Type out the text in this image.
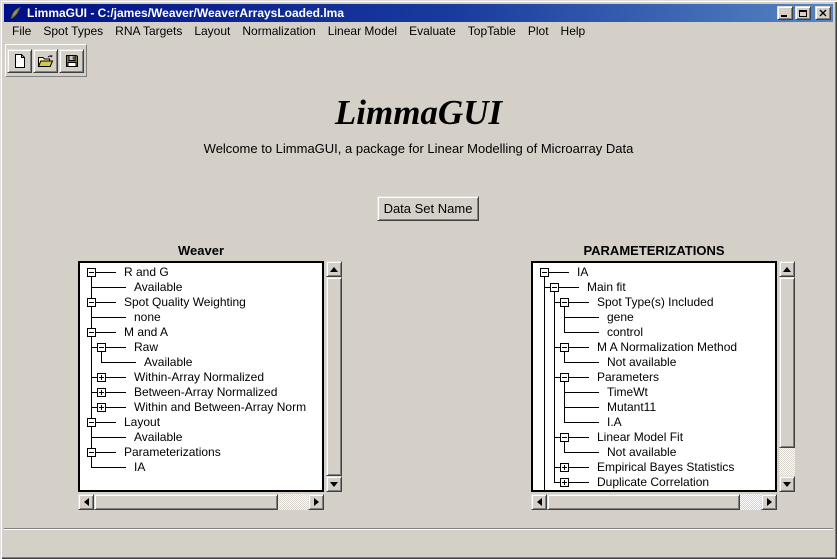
LimmaGUI - C:/james/Weaver/WeaverArraysLoaded.lma
File	Spot Types	RNA Targets	Layout	Normalization	Linear Model	Evaluate	TopTable	Plot	Help
LimmaGUI
Welcome to LimmaGUI, a package for Linear Modelling of Microarray Data
Data Set Name
Weaver	PARAMETERIZATIONS
R and G
Available
Spot Quality Weighting
none
M and A
Raw
Available
Within-Array Normalized
Between-Array Normalized
Within and Between-Array Norm
Layout
Available
Parameterizations
IA
IA
Main fit
Spot Type(s) Included
gene
control
M A Normalization Method
Not available
Parameters
TimeWt
Mutant11
I.A
Linear Model Fit
Not available
Empirical Bayes Statistics
Duplicate Correlation
